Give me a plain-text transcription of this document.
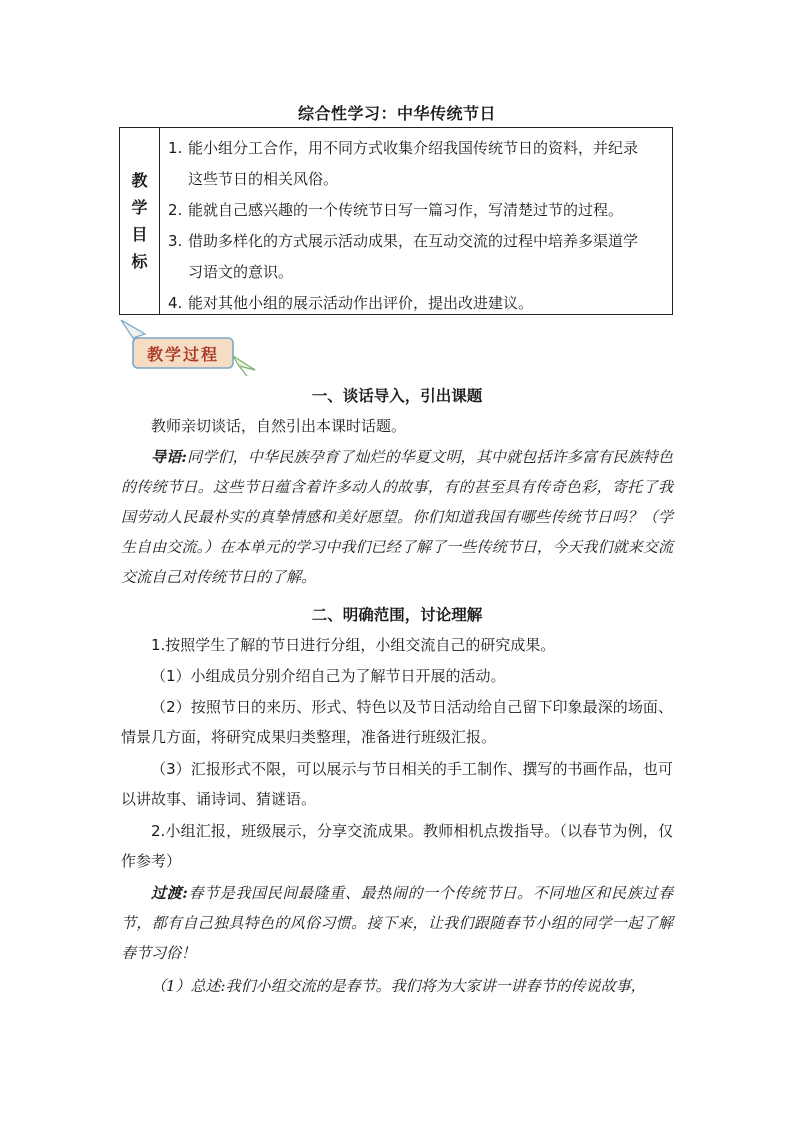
综合性学习：中华传统节日
教
学
目
标

1. 能小组分工合作，用不同方式收集介绍我国传统节日的资料，并纪录
这些节日的相关风俗。

2. 能就自己感兴趣的一个传统节日写一篇习作，写清楚过节的过程。

3. 借助多样化的方式展示活动成果，在互动交流的过程中培养多渠道学
习语文的意识。

4. 能对其他小组的展示活动作出评价，提出改进建议。

教学过程
一、谈话导入，引出课题

教师亲切谈话，自然引出本课时话题。

导语:同学们，中华民族孕育了灿烂的华夏文明，其中就包括许多富有民族特色的传统节日。这些节日蕴含着许多动人的故事，有的甚至具有传奇色彩，寄托了我国劳动人民最朴实的真挚情感和美好愿望。你们知道我国有哪些传统节日吗？（学生自由交流。）在本单元的学习中我们已经了解了一些传统节日，今天我们就来交流交流自己对传统节日的了解。

二、明确范围，讨论理解

1.按照学生了解的节日进行分组，小组交流自己的研究成果。

（1）小组成员分别介绍自己为了解节日开展的活动。

（2）按照节日的来历、形式、特色以及节日活动给自己留下印象最深的场面、情景几方面，将研究成果归类整理，准备进行班级汇报。

（3）汇报形式不限，可以展示与节日相关的手工制作、撰写的书画作品，也可以讲故事、诵诗词、猜谜语。

2.小组汇报，班级展示，分享交流成果。教师相机点拨指导。（以春节为例，仅作参考）

过渡:春节是我国民间最隆重、最热闹的一个传统节日。不同地区和民族过春节，都有自己独具特色的风俗习惯。接下来，让我们跟随春节小组的同学一起了解春节习俗！

（1）总述:我们小组交流的是春节。我们将为大家讲一讲春节的传说故事，
